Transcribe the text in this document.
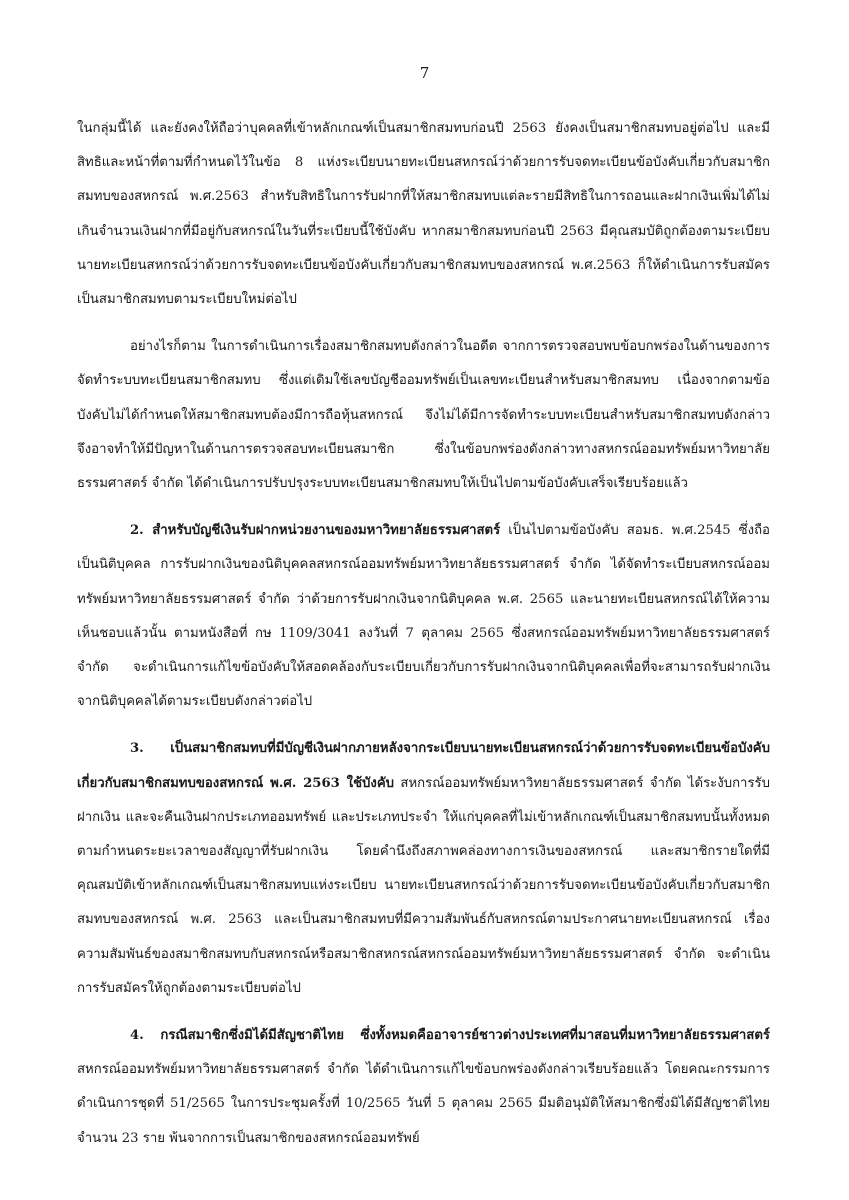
7

ในกลุ่มนี้ได้ และยังคงให้ถือว่าบุคคลที่เข้าหลักเกณฑ์เป็นสมาชิกสมทบก่อนปี 2563 ยังคงเป็นสมาชิกสมทบอยู่ต่อไป และมีสิทธิและหน้าที่ตามที่กำหนดไว้ในข้อ 8 แห่งระเบียบนายทะเบียนสหกรณ์ว่าด้วยการรับจดทะเบียนข้อบังคับเกี่ยวกับสมาชิกสมทบของสหกรณ์ พ.ศ.2563 สำหรับสิทธิในการรับฝากที่ให้สมาชิกสมทบแต่ละรายมีสิทธิในการถอนและฝากเงินเพิ่มได้ไม่เกินจำนวนเงินฝากที่มีอยู่กับสหกรณ์ในวันที่ระเบียบนี้ใช้บังคับ หากสมาชิกสมทบก่อนปี 2563 มีคุณสมบัติถูกต้องตามระเบียบนายทะเบียนสหกรณ์ว่าด้วยการรับจดทะเบียนข้อบังคับเกี่ยวกับสมาชิกสมทบของสหกรณ์ พ.ศ.2563 ก็ให้ดำเนินการรับสมัครเป็นสมาชิกสมทบตามระเบียบใหม่ต่อไป

อย่างไรก็ตาม ในการดำเนินการเรื่องสมาชิกสมทบดังกล่าวในอดีต จากการตรวจสอบพบข้อบกพร่องในด้านของการจัดทำระบบทะเบียนสมาชิกสมทบ ซึ่งแต่เดิมใช้เลขบัญชีออมทรัพย์เป็นเลขทะเบียนสำหรับสมาชิกสมทบ เนื่องจากตามข้อบังคับไม่ได้กำหนดให้สมาชิกสมทบต้องมีการถือหุ้นสหกรณ์ จึงไม่ได้มีการจัดทำระบบทะเบียนสำหรับสมาชิกสมทบดังกล่าว จึงอาจทำให้มีปัญหาในด้านการตรวจสอบทะเบียนสมาชิก ซึ่งในข้อบกพร่องดังกล่าวทางสหกรณ์ออมทรัพย์มหาวิทยาลัยธรรมศาสตร์ จำกัด ได้ดำเนินการปรับปรุงระบบทะเบียนสมาชิกสมทบให้เป็นไปตามข้อบังคับเสร็จเรียบร้อยแล้ว

2. สำหรับบัญชีเงินรับฝากหน่วยงานของมหาวิทยาลัยธรรมศาสตร์ เป็นไปตามข้อบังคับ สอมธ. พ.ศ.2545 ซึ่งถือเป็นนิติบุคคล การรับฝากเงินของนิติบุคคลสหกรณ์ออมทรัพย์มหาวิทยาลัยธรรมศาสตร์ จำกัด ได้จัดทำระเบียบสหกรณ์ออมทรัพย์มหาวิทยาลัยธรรมศาสตร์ จำกัด ว่าด้วยการรับฝากเงินจากนิติบุคคล พ.ศ. 2565 และนายทะเบียนสหกรณ์ได้ให้ความเห็นชอบแล้วนั้น ตามหนังสือที่ กษ 1109/3041 ลงวันที่ 7 ตุลาคม 2565 ซึ่งสหกรณ์ออมทรัพย์มหาวิทยาลัยธรรมศาสตร์ จำกัด จะดำเนินการแก้ไขข้อบังคับให้สอดคล้องกับระเบียบเกี่ยวกับการรับฝากเงินจากนิติบุคคลเพื่อที่จะสามารถรับฝากเงินจากนิติบุคคลได้ตามระเบียบดังกล่าวต่อไป

3. เป็นสมาชิกสมทบที่มีบัญชีเงินฝากภายหลังจากระเบียบนายทะเบียนสหกรณ์ว่าด้วยการรับจดทะเบียนข้อบังคับเกี่ยวกับสมาชิกสมทบของสหกรณ์ พ.ศ. 2563 ใช้บังคับ สหกรณ์ออมทรัพย์มหาวิทยาลัยธรรมศาสตร์ จำกัด ได้ระงับการรับฝากเงิน และจะคืนเงินฝากประเภทออมทรัพย์ และประเภทประจำ ให้แก่บุคคลที่ไม่เข้าหลักเกณฑ์เป็นสมาชิกสมทบนั้นทั้งหมด ตามกำหนดระยะเวลาของสัญญาที่รับฝากเงิน โดยคำนึงถึงสภาพคล่องทางการเงินของสหกรณ์ และสมาชิกรายใดที่มีคุณสมบัติเข้าหลักเกณฑ์เป็นสมาชิกสมทบแห่งระเบียบ นายทะเบียนสหกรณ์ว่าด้วยการรับจดทะเบียนข้อบังคับเกี่ยวกับสมาชิกสมทบของสหกรณ์ พ.ศ. 2563 และเป็นสมาชิกสมทบที่มีความสัมพันธ์กับสหกรณ์ตามประกาศนายทะเบียนสหกรณ์ เรื่อง ความสัมพันธ์ของสมาชิกสมทบกับสหกรณ์หรือสมาชิกสหกรณ์สหกรณ์ออมทรัพย์มหาวิทยาลัยธรรมศาสตร์ จำกัด จะดำเนินการรับสมัครให้ถูกต้องตามระเบียบต่อไป

4. กรณีสมาชิกซึ่งมิได้มีสัญชาติไทย ซึ่งทั้งหมดคืออาจารย์ชาวต่างประเทศที่มาสอนที่มหาวิทยาลัยธรรมศาสตร์ สหกรณ์ออมทรัพย์มหาวิทยาลัยธรรมศาสตร์ จำกัด ได้ดำเนินการแก้ไขข้อบกพร่องดังกล่าวเรียบร้อยแล้ว โดยคณะกรรมการดำเนินการชุดที่ 51/2565 ในการประชุมครั้งที่ 10/2565 วันที่ 5 ตุลาคม 2565 มีมติอนุมัติให้สมาชิกซึ่งมิได้มีสัญชาติไทย จำนวน 23 ราย พ้นจากการเป็นสมาชิกของสหกรณ์ออมทรัพย์
